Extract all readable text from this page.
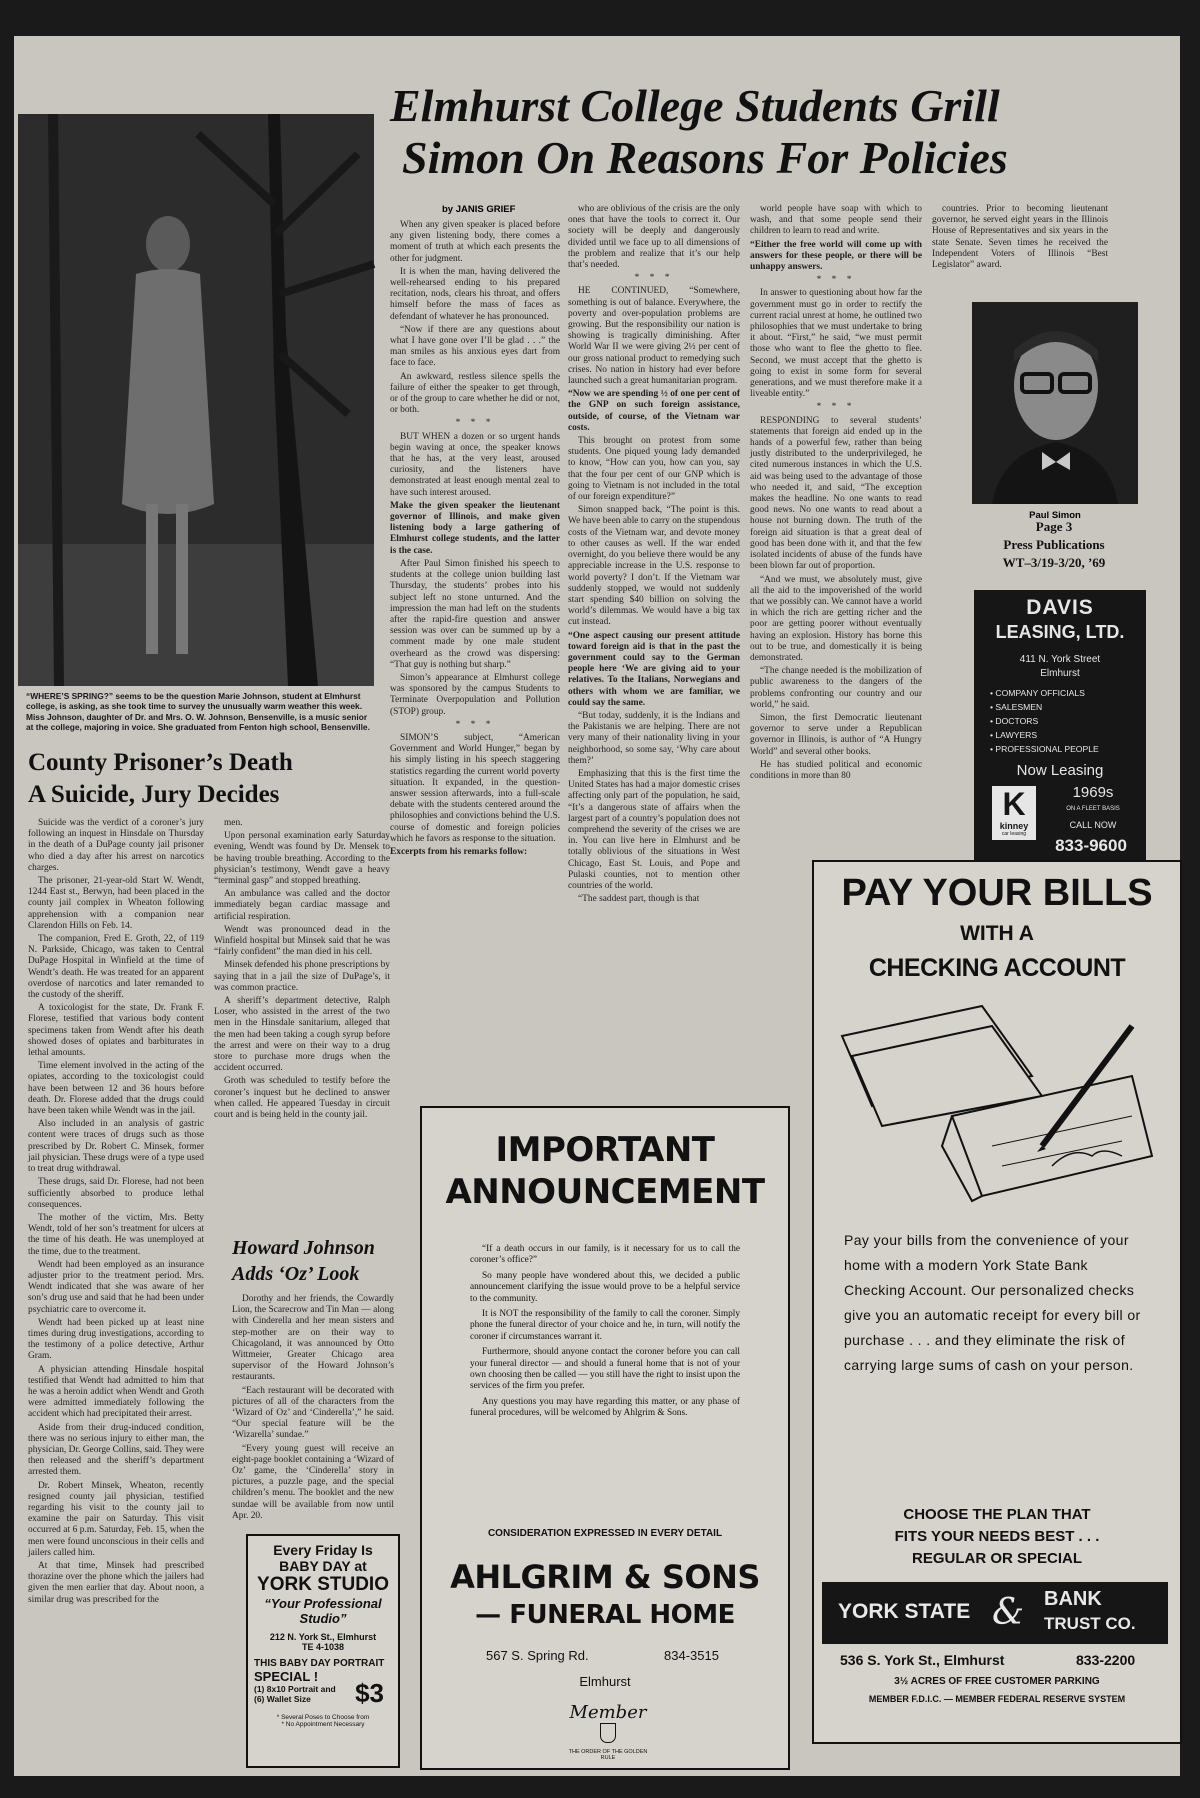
“WHERE’S SPRING?” seems to be the question Marie Johnson, student at Elmhurst college, is asking, as she took time to survey the unusually warm weather this week. Miss Johnson, daughter of Dr. and Mrs. O. W. Johnson, Bensenville, is a music senior at the college, majoring in voice. She graduated from Fenton high school, Bensenville.
Elmhurst College Students Grill
Simon On Reasons For Policies
by JANIS GRIEF

When any given speaker is placed before any given listening body, there comes a moment of truth at which each presents the other for judgment.

It is when the man, having delivered the well-rehearsed ending to his prepared recitation, nods, clears his throat, and offers himself before the mass of faces as defendant of whatever he has pronounced.

“Now if there are any questions about what I have gone over I’ll be glad . . .” the man smiles as his anxious eyes dart from face to face.

An awkward, restless silence spells the failure of either the speaker to get through, or of the group to care whether he did or not, or both.

* * *

BUT WHEN a dozen or so urgent hands begin waving at once, the speaker knows that he has, at the very least, aroused curiosity, and the listeners have demonstrated at least enough mental zeal to have such interest aroused.

Make the given speaker the lieutenant governor of Illinois, and make given listening body a large gathering of Elmhurst college students, and the latter is the case.

After Paul Simon finished his speech to students at the college union building last Thursday, the students’ probes into his subject left no stone unturned. And the impression the man had left on the students after the rapid-fire question and answer session was over can be summed up by a comment made by one male student overheard as the crowd was dispersing: “That guy is nothing but sharp.”

Simon’s appearance at Elmhurst college was sponsored by the campus Students to Terminate Overpopulation and Pollution (STOP) group.

* * *

SIMON’S subject, “American Government and World Hunger,” began by his simply listing in his speech staggering statistics regarding the current world poverty situation. It expanded, in the question-answer session afterwards, into a full-scale debate with the students centered around the philosophies and convictions behind the U.S. course of domestic and foreign policies which he favors as response to the situation.

Excerpts from his remarks follow:

who are oblivious of the crisis are the only ones that have the tools to correct it. Our society will be deeply and dangerously divided until we face up to all dimensions of the problem and realize that it’s our help that’s needed.

* * *

HE CONTINUED, “Somewhere, something is out of balance. Everywhere, the poverty and over-population problems are growing. But the responsibility our nation is showing is tragically diminishing. After World War II we were giving 2½ per cent of our gross national product to remedying such crises. No nation in history had ever before launched such a great humanitarian program.

“Now we are spending ½ of one per cent of the GNP on such foreign assistance, outside, of course, of the Vietnam war costs.

This brought on protest from some students. One piqued young lady demanded to know, “How can you, how can you, say that the four per cent of our GNP which is going to Vietnam is not included in the total of our foreign expenditure?”

Simon snapped back, “The point is this. We have been able to carry on the stupendous costs of the Vietnam war, and devote money to other causes as well. If the war ended overnight, do you believe there would be any appreciable increase in the U.S. response to world poverty? I don’t. If the Vietnam war suddenly stopped, we would not suddenly start spending $40 billion on solving the world’s dilemmas. We would have a big tax cut instead.

“One aspect causing our present attitude toward foreign aid is that in the past the government could say to the German people here ‘We are giving aid to your relatives. To the Italians, Norwegians and others with whom we are familiar, we could say the same.

“But today, suddenly, it is the Indians and the Pakistanis we are helping. There are not very many of their nationality living in your neighborhood, so some say, ‘Why care about them?’

Emphasizing that this is the first time the United States has had a major domestic crises affecting only part of the population, he said, “It’s a dangerous state of affairs when the largest part of a country’s population does not comprehend the severity of the crises we are in. You can live here in Elmhurst and be totally oblivious of the situations in West Chicago, East St. Louis, and Pope and Pulaski counties, not to mention other countries of the world.

“The saddest part, though is that

world people have soap with which to wash, and that some people send their children to learn to read and write.

“Either the free world will come up with answers for these people, or there will be unhappy answers.

* * *

In answer to questioning about how far the government must go in order to rectify the current racial unrest at home, he outlined two philosophies that we must undertake to bring it about. “First,” he said, “we must permit those who want to flee the ghetto to flee. Second, we must accept that the ghetto is going to exist in some form for several generations, and we must therefore make it a liveable entity.”

* * *

RESPONDING to several students’ statements that foreign aid ended up in the hands of a powerful few, rather than being justly distributed to the underprivileged, he cited numerous instances in which the U.S. aid was being used to the advantage of those who needed it, and said, “The exception makes the headline. No one wants to read good news. No one wants to read about a house not burning down. The truth of the foreign aid situation is that a great deal of good has been done with it, and that the few isolated incidents of abuse of the funds have been blown far out of proportion.

“And we must, we absolutely must, give all the aid to the impoverished of the world that we possibly can. We cannot have a world in which the rich are getting richer and the poor are getting poorer without eventually having an explosion. History has borne this out to be true, and domestically it is being demonstrated.

“The change needed is the mobilization of public awareness to the dangers of the problems confronting our country and our world,” he said.

Simon, the first Democratic lieutenant governor to serve under a Republican governor in Illinois, is author of “A Hungry World” and several other books.

He has studied political and economic conditions in more than 80

countries. Prior to becoming lieutenant governor, he served eight years in the Illinois House of Representatives and six years in the state Senate. Seven times he received the Independent Voters of Illinois “Best Legislator” award.

Paul Simon
Page 3
Press Publications
WT–3/19-3/20, ’69
DAVIS
LEASING, LTD.
411 N. York Street
Elmhurst
• COMPANY OFFICIALS
• SALESMEN
• DOCTORS
• LAWYERS
• PROFESSIONAL PEOPLE
Now Leasing
K
kinney
car leasing
1969s
ON A FLEET BASIS
CALL NOW
833-9600
County Prisoner’s Death
A Suicide, Jury Decides

Suicide was the verdict of a coroner’s jury following an inquest in Hinsdale on Thursday in the death of a DuPage county jail prisoner who died a day after his arrest on narcotics charges.

The prisoner, 21-year-old Start W. Wendt, 1244 East st., Berwyn, had been placed in the county jail complex in Wheaton following apprehension with a companion near Clarendon Hills on Feb. 14.

The companion, Fred E. Groth, 22, of 119 N. Parkside, Chicago, was taken to Central DuPage Hospital in Winfield at the time of Wendt’s death. He was treated for an apparent overdose of narcotics and later remanded to the custody of the sheriff.

A toxicologist for the state, Dr. Frank F. Florese, testified that various body content specimens taken from Wendt after his death showed doses of opiates and barbiturates in lethal amounts.

Time element involved in the acting of the opiates, according to the toxicologist could have been between 12 and 36 hours before death. Dr. Florese added that the drugs could have been taken while Wendt was in the jail.

Also included in an analysis of gastric content were traces of drugs such as those prescribed by Dr. Robert C. Minsek, former jail physician. These drugs were of a type used to treat drug withdrawal.

These drugs, said Dr. Florese, had not been sufficiently absorbed to produce lethal consequences.

The mother of the victim, Mrs. Betty Wendt, told of her son’s treatment for ulcers at the time of his death. He was unemployed at the time, due to the treatment.

Wendt had been employed as an insurance adjuster prior to the treatment period. Mrs. Wendt indicated that she was aware of her son’s drug use and said that he had been under psychiatric care to overcome it.

Wendt had been picked up at least nine times during drug investigations, according to the testimony of a police detective, Arthur Gram.

A physician attending Hinsdale hospital testified that Wendt had admitted to him that he was a heroin addict when Wendt and Groth were admitted immediately following the accident which had precipitated their arrest.

Aside from their drug-induced condition, there was no serious injury to either man, the physician, Dr. George Collins, said. They were then released and the sheriff’s department arrested them.

Dr. Robert Minsek, Wheaton, recently resigned county jail physician, testified regarding his visit to the county jail to examine the pair on Saturday. This visit occurred at 6 p.m. Saturday, Feb. 15, when the men were found unconscious in their cells and jailers called him.

At that time, Minsek had prescribed thorazine over the phone which the jailers had given the men earlier that day. About noon, a similar drug was prescribed for the

men.

Upon personal examination early Saturday evening, Wendt was found by Dr. Mensek to be having trouble breathing. According to the physician’s testimony, Wendt gave a heavy “terminal gasp” and stopped breathing.

An ambulance was called and the doctor immediately began cardiac massage and artificial respiration.

Wendt was pronounced dead in the Winfield hospital but Minsek said that he was “fairly confident” the man died in his cell.

Minsek defended his phone prescriptions by saying that in a jail the size of DuPage’s, it was common practice.

A sheriff’s department detective, Ralph Loser, who assisted in the arrest of the two men in the Hinsdale sanitarium, alleged that the men had been taking a cough syrup before the arrest and were on their way to a drug store to purchase more drugs when the accident occurred.

Groth was scheduled to testify before the coroner’s inquest but he declined to answer when called. He appeared Tuesday in circuit court and is being held in the county jail.

Howard Johnson
Adds ‘Oz’ Look

Dorothy and her friends, the Cowardly Lion, the Scarecrow and Tin Man — along with Cinderella and her mean sisters and step-mother are on their way to Chicagoland, it was announced by Otto Wittmeier, Greater Chicago area supervisor of the Howard Johnson’s restaurants.

“Each restaurant will be decorated with pictures of all of the characters from the ‘Wizard of Oz’ and ‘Cinderella’,” he said. “Our special feature will be the ‘Wizarella’ sundae.”

“Every young guest will receive an eight-page booklet containing a ‘Wizard of Oz’ game, the ‘Cinderella’ story in pictures, a puzzle page, and the special children’s menu. The booklet and the new sundae will be available from now until Apr. 20.

Every Friday Is
BABY DAY at
YORK STUDIO
“Your Professional
Studio”
212 N. York St., Elmhurst
TE 4-1038
THIS BABY DAY PORTRAIT
SPECIAL !
(1) 8x10 Portrait and
(6) Wallet Size	$3
* Several Poses to Choose from
* No Appointment Necessary
IMPORTANT
ANNOUNCEMENT

“If a death occurs in our family, is it necessary for us to call the coroner’s office?”

So many people have wondered about this, we decided a public announcement clarifying the issue would prove to be a helpful service to the community.

It is NOT the responsibility of the family to call the coroner. Simply phone the funeral director of your choice and he, in turn, will notify the coroner if circumstances warrant it.

Furthermore, should anyone contact the coroner before you can call your funeral director — and should a funeral home that is not of your own choosing then be called — you still have the right to insist upon the services of the firm you prefer.

Any questions you may have regarding this matter, or any phase of funeral procedures, will be welcomed by Ahlgrim & Sons.

CONSIDERATION EXPRESSED IN EVERY DETAIL
AHLGRIM & SONS
— FUNERAL HOME
567 S. Spring Rd.	834-3515
Elmhurst
Member
THE ORDER OF THE GOLDEN RULE
PAY YOUR BILLS
WITH A
CHECKING ACCOUNT
Pay your bills from the convenience of your home with a modern York State Bank Checking Account. Our personalized checks give you an automatic receipt for every bill or purchase . . . and they eliminate the risk of carrying large sums of cash on your person.
CHOOSE THE PLAN THAT
FITS YOUR NEEDS BEST . . .
REGULAR OR SPECIAL
YORK STATE & BANK
TRUST CO.
536 S. York St., Elmhurst	833-2200
3½ ACRES OF FREE CUSTOMER PARKING
MEMBER F.D.I.C. — MEMBER FEDERAL RESERVE SYSTEM
